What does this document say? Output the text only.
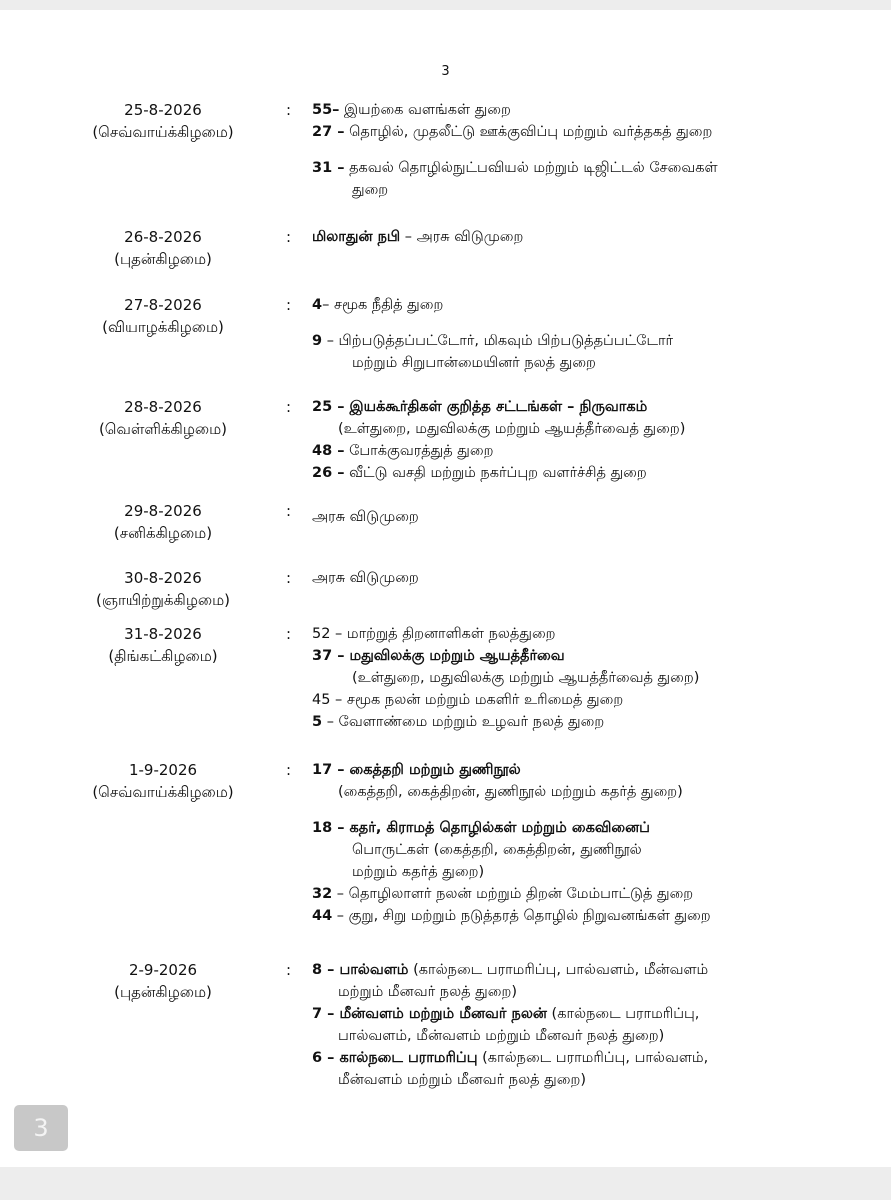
3
25-8-2026
(செவ்வாய்க்கிழமை)
: 55– இயற்கை வளங்கள் துறை
27 – தொழில், முதலீட்டு ஊக்குவிப்பு மற்றும் வர்த்தகத் துறை
31 – தகவல் தொழில்நுட்பவியல் மற்றும் டிஜிட்டல் சேவைகள்
துறை
26-8-2026
(புதன்கிழமை)
: மிலாதுன் நபி – அரசு விடுமுறை
27-8-2026
(வியாழக்கிழமை)
: 4– சமூக நீதித் துறை
9 – பிற்படுத்தப்பட்டோர், மிகவும் பிற்படுத்தப்பட்டோர்
மற்றும் சிறுபான்மையினர் நலத் துறை
28-8-2026
(வெள்ளிக்கிழமை)
: 25 – இயக்கூர்திகள் குறித்த சட்டங்கள் – நிருவாகம்
(உள்துறை, மதுவிலக்கு மற்றும் ஆயத்தீர்வைத் துறை)
48 – போக்குவரத்துத் துறை
26 – வீட்டு வசதி மற்றும் நகர்ப்புற வளர்ச்சித் துறை
29-8-2026
(சனிக்கிழமை)
: அரசு விடுமுறை
30-8-2026
(ஞாயிற்றுக்கிழமை)
: அரசு விடுமுறை
31-8-2026
(திங்கட்கிழமை)
: 52 – மாற்றுத் திறனாளிகள் நலத்துறை
37 – மதுவிலக்கு மற்றும் ஆயத்தீர்வை
(உள்துறை, மதுவிலக்கு மற்றும் ஆயத்தீர்வைத் துறை)
45 – சமூக நலன் மற்றும் மகளிர் உரிமைத் துறை
5 – வேளாண்மை மற்றும் உழவர் நலத் துறை
1-9-2026
(செவ்வாய்க்கிழமை)
: 17 – கைத்தறி மற்றும் துணிநூல்
(கைத்தறி, கைத்திறன், துணிநூல் மற்றும் கதர்த் துறை)
18 – கதர், கிராமத் தொழில்கள் மற்றும் கைவினைப்
பொருட்கள் (கைத்தறி, கைத்திறன், துணிநூல்
மற்றும் கதர்த் துறை)
32 – தொழிலாளர் நலன் மற்றும் திறன் மேம்பாட்டுத் துறை
44 – குறு, சிறு மற்றும் நடுத்தரத் தொழில் நிறுவனங்கள் துறை
2-9-2026
(புதன்கிழமை)
: 8 – பால்வளம் (கால்நடை பராமரிப்பு, பால்வளம், மீன்வளம்
மற்றும் மீனவர் நலத் துறை)
7 – மீன்வளம் மற்றும் மீனவர் நலன் (கால்நடை பராமரிப்பு,
பால்வளம், மீன்வளம் மற்றும் மீனவர் நலத் துறை)
6 – கால்நடை பராமரிப்பு (கால்நடை பராமரிப்பு, பால்வளம்,
மீன்வளம் மற்றும் மீனவர் நலத் துறை)
3
